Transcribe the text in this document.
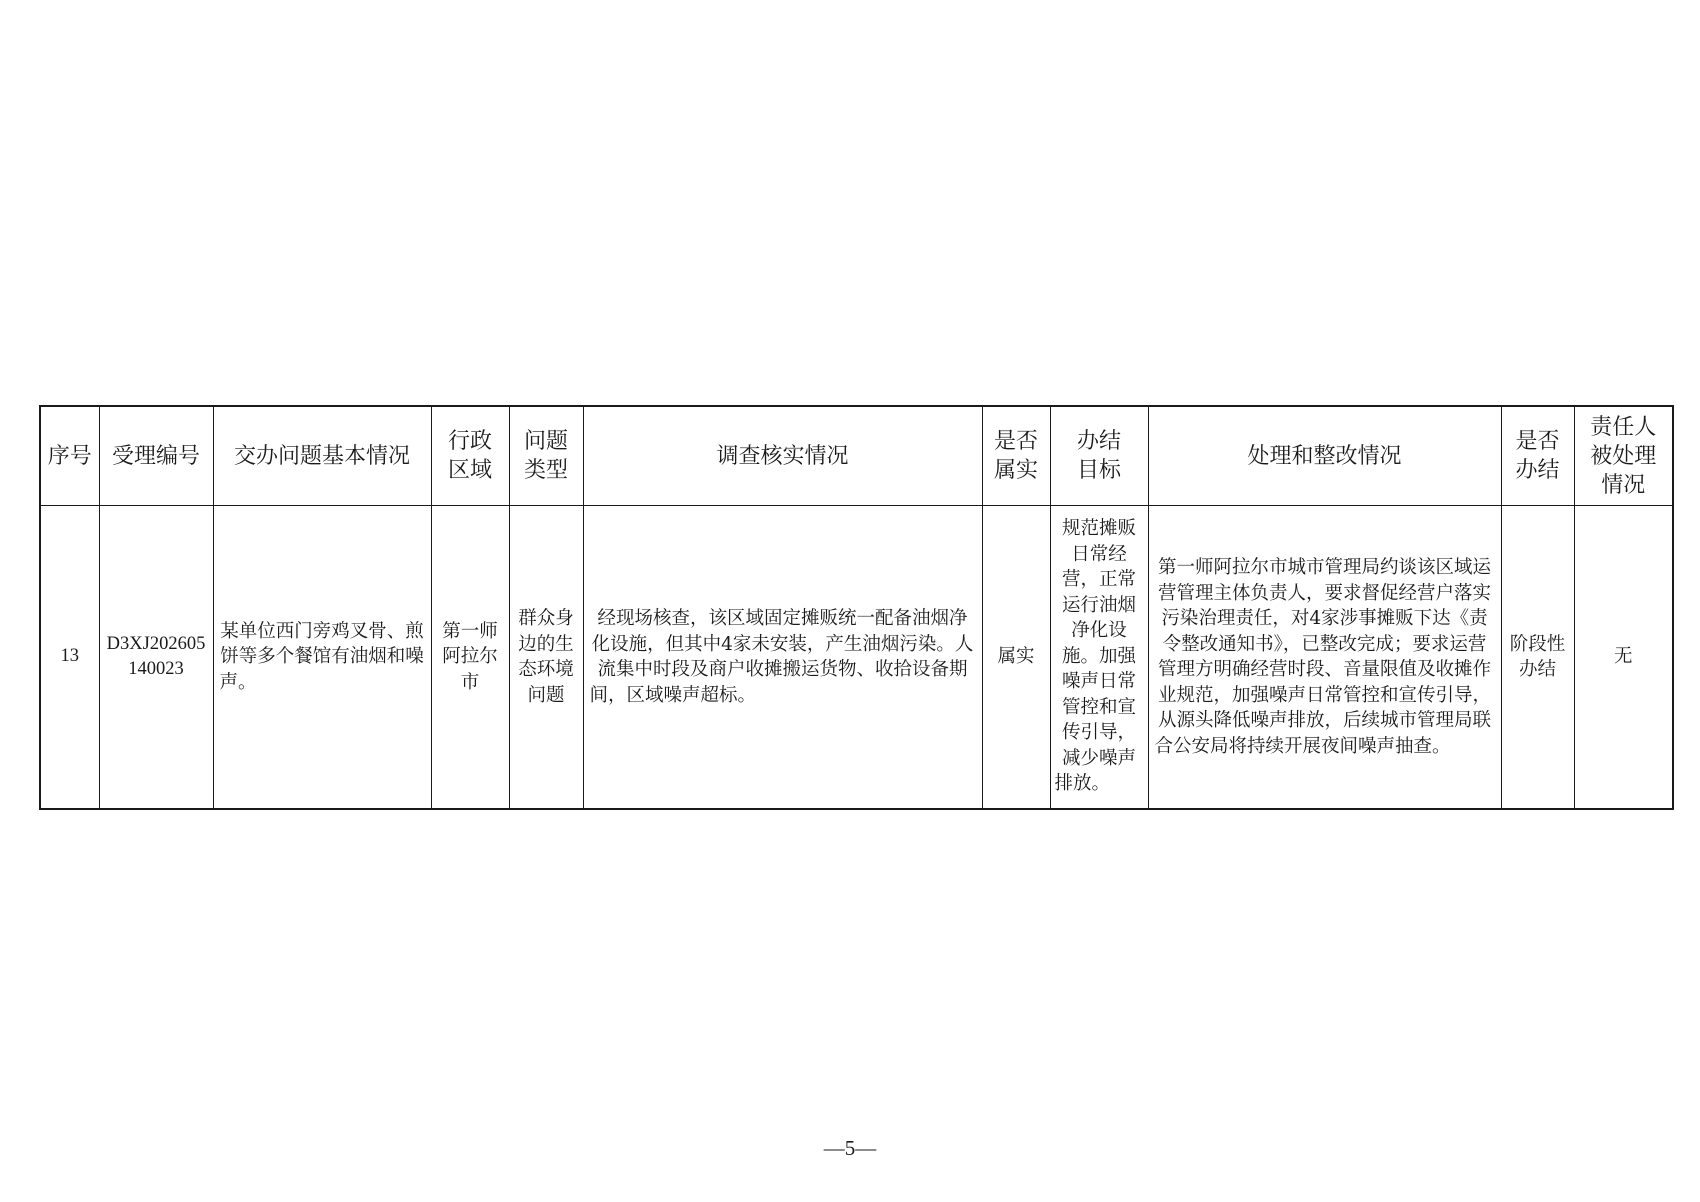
序号	受理编号	交办问题基本情况	行政区域	问题类型	调查核实情况	是否属实	办结目标	处理和整改情况	是否办结	责任人被处理情况
13	D3XJ202605140023	某单位西门旁鸡叉骨、煎饼等多个餐馆有油烟和噪声。	第一师阿拉尔市	群众身边的生态环境问题	经现场核查，该区域固定摊贩统一配备油烟净化设施，但其中4家未安装，产生油烟污染。人流集中时段及商户收摊搬运货物、收拾设备期间，区域噪声超标。	属实	规范摊贩日常经营，正常运行油烟净化设施。加强噪声日常管控和宣传引导，减少噪声排放。	第一师阿拉尔市城市管理局约谈该区域运营管理主体负责人，要求督促经营户落实污染治理责任，对4家涉事摊贩下达《责令整改通知书》，已整改完成；要求运营管理方明确经营时段、音量限值及收摊作业规范，加强噪声日常管控和宣传引导，从源头降低噪声排放，后续城市管理局联合公安局将持续开展夜间噪声抽查。	阶段性办结	无
—5—
